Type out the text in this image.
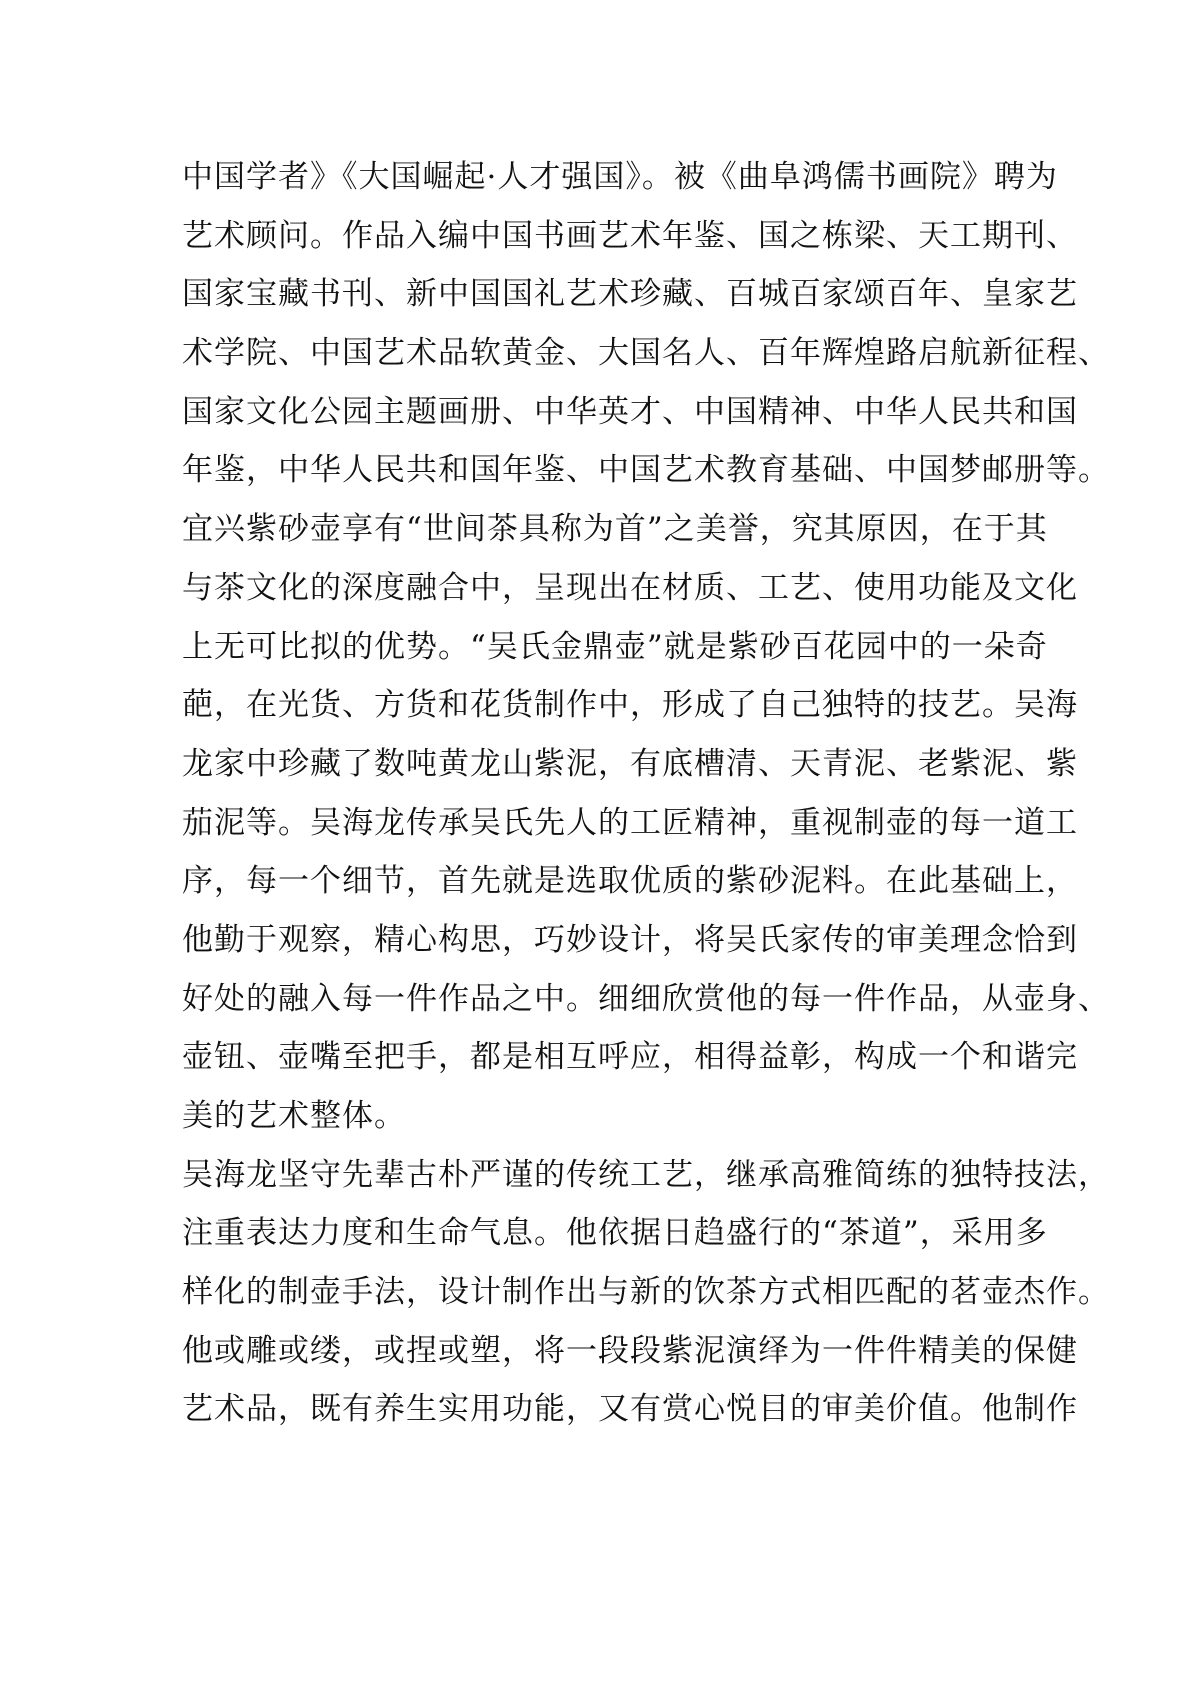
中国学者》《大国崛起·人才强国》。被《曲阜鸿儒书画院》聘为
艺术顾问。作品入编中国书画艺术年鉴、国之栋梁、天工期刊、
国家宝藏书刊、新中国国礼艺术珍藏、百城百家颂百年、皇家艺
术学院、中国艺术品软黄金、大国名人、百年辉煌路启航新征程、
国家文化公园主题画册、中华英才、中国精神、中华人民共和国
年鉴，中华人民共和国年鉴、中国艺术教育基础、中国梦邮册等。
宜兴紫砂壶享有“世间茶具称为首”之美誉，究其原因，在于其
与茶文化的深度融合中，呈现出在材质、工艺、使用功能及文化
上无可比拟的优势。“吴氏金鼎壶”就是紫砂百花园中的一朵奇
葩，在光货、方货和花货制作中，形成了自己独特的技艺。吴海
龙家中珍藏了数吨黄龙山紫泥，有底槽清、天青泥、老紫泥、紫
茄泥等。吴海龙传承吴氏先人的工匠精神，重视制壶的每一道工
序，每一个细节，首先就是选取优质的紫砂泥料。在此基础上，
他勤于观察，精心构思，巧妙设计，将吴氏家传的审美理念恰到
好处的融入每一件作品之中。细细欣赏他的每一件作品，从壶身、
壶钮、壶嘴至把手，都是相互呼应，相得益彰，构成一个和谐完
美的艺术整体。
吴海龙坚守先辈古朴严谨的传统工艺，继承高雅简练的独特技法，
注重表达力度和生命气息。他依据日趋盛行的“茶道”，采用多
样化的制壶手法，设计制作出与新的饮茶方式相匹配的茗壶杰作。
他或雕或缕，或捏或塑，将一段段紫泥演绎为一件件精美的保健
艺术品，既有养生实用功能，又有赏心悦目的审美价值。他制作
